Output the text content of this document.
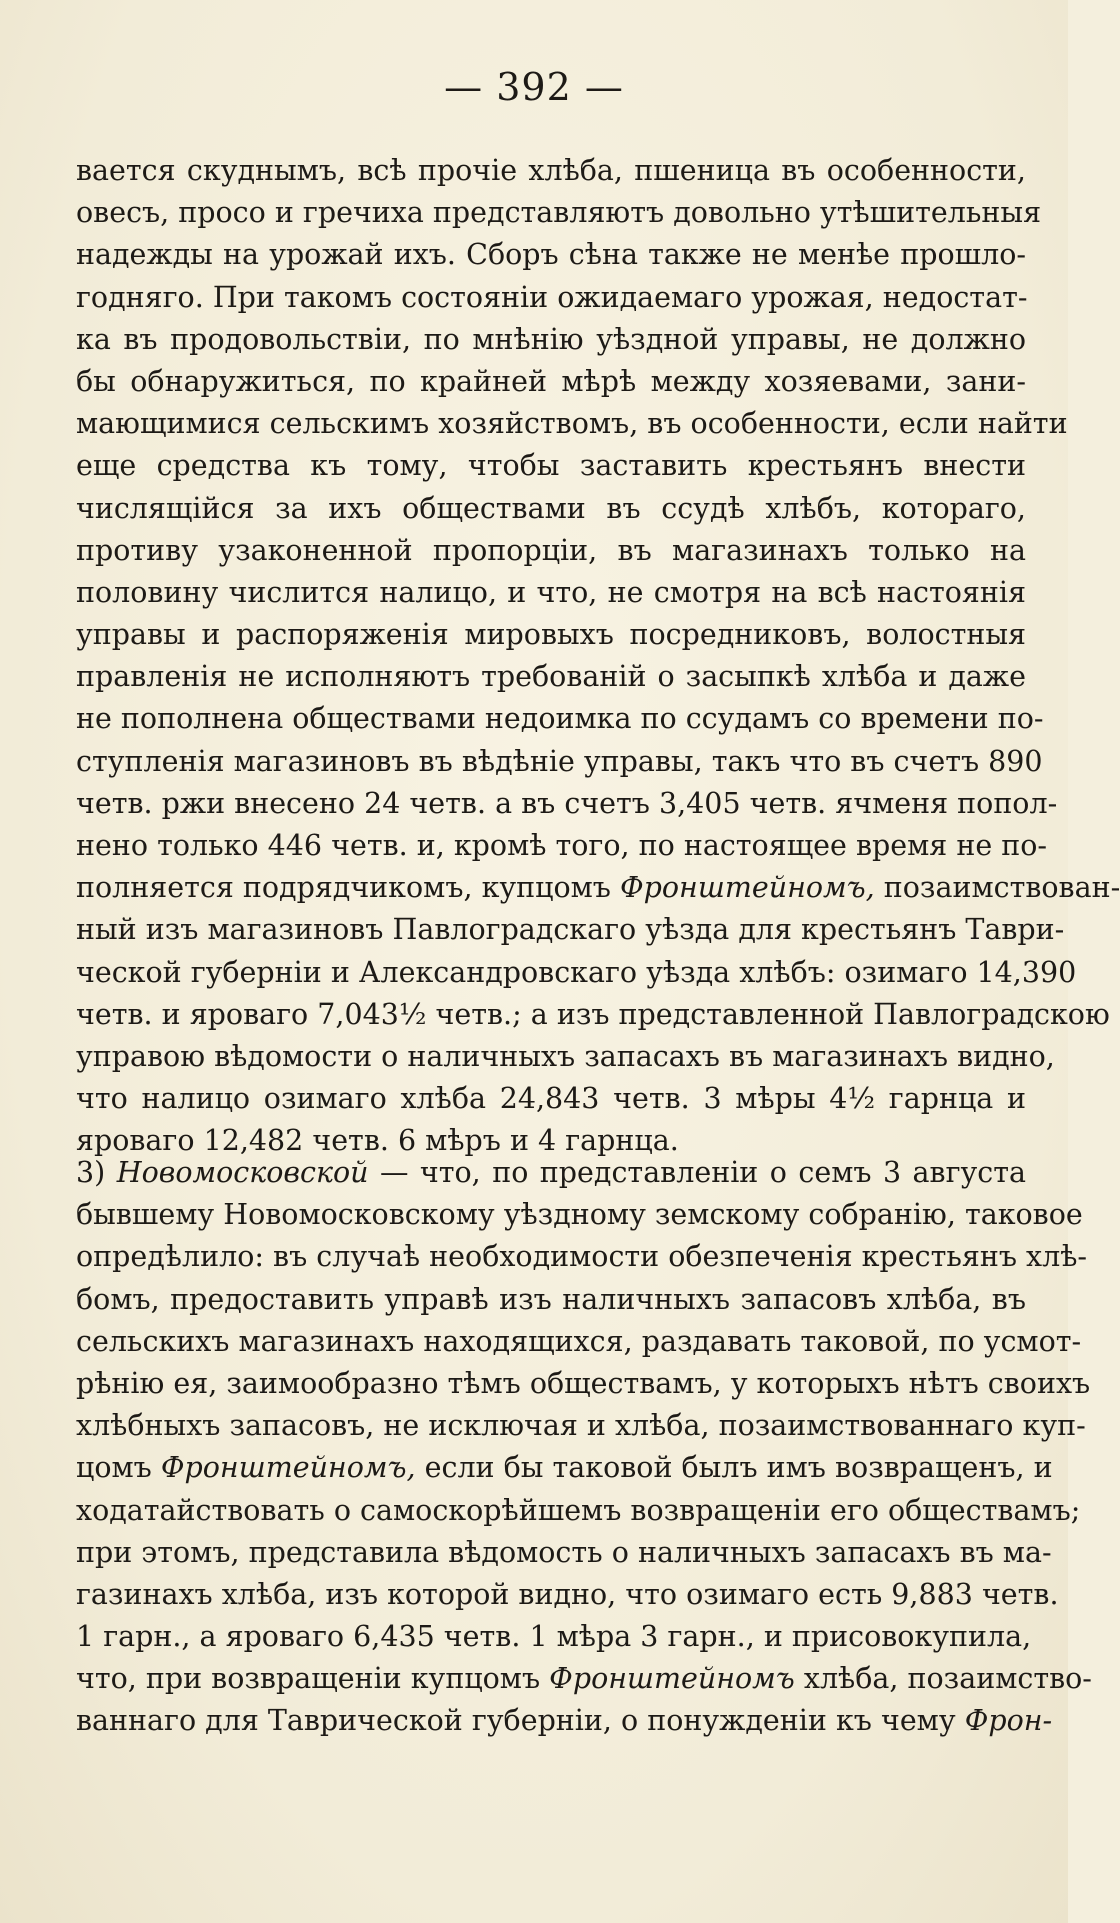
— 392 —
вается скуднымъ, всѣ прочіе хлѣба, пшеница въ особенности,
овесъ, просо и гречиха представляютъ довольно утѣшительныя
надежды на урожай ихъ. Сборъ сѣна также не менѣе прошло-
годняго. При такомъ состояніи ожидаемаго урожая, недостат-
ка въ продовольствіи, по мнѣнію уѣздной управы, не должно
бы обнаружиться, по крайней мѣрѣ между хозяевами, зани-
мающимися сельскимъ хозяйствомъ, въ особенности, если найти
еще средства къ тому, чтобы заставить крестьянъ внести
числящійся за ихъ обществами въ ссудѣ хлѣбъ, котораго,
противу узаконенной пропорціи, въ магазинахъ только на
половину числится налицо, и что, не смотря на всѣ настоянія
управы и распоряженія мировыхъ посредниковъ, волостныя
правленія не исполняютъ требованій о засыпкѣ хлѣба и даже
не пополнена обществами недоимка по ссудамъ со времени по-
ступленія магазиновъ въ вѣдѣніе управы, такъ что въ счетъ 890
четв. ржи внесено 24 четв. а въ счетъ 3,405 четв. ячменя попол-
нено только 446 четв. и, кромѣ того, по настоящее время не по-
полняется подрядчикомъ, купцомъ Фронштейномъ, позаимствован-
ный изъ магазиновъ Павлоградскаго уѣзда для крестьянъ Таври-
ческой губерніи и Александровскаго уѣзда хлѣбъ: озимаго 14,390
четв. и яроваго 7,043½ четв.; а изъ представленной Павлоградскою
управою вѣдомости о наличныхъ запасахъ въ магазинахъ видно,
что налицо озимаго хлѣба 24,843 четв. 3 мѣры 4½ гарнца и
яроваго 12,482 четв. 6 мѣръ и 4 гарнца.
3) Новомосковской — что, по представленіи о семъ 3 августа
бывшему Новомосковскому уѣздному земскому собранію, таковое
опредѣлило: въ случаѣ необходимости обезпеченія крестьянъ хлѣ-
бомъ, предоставить управѣ изъ наличныхъ запасовъ хлѣба, въ
сельскихъ магазинахъ находящихся, раздавать таковой, по усмот-
рѣнію ея, заимообразно тѣмъ обществамъ, у которыхъ нѣтъ своихъ
хлѣбныхъ запасовъ, не исключая и хлѣба, позаимствованнаго куп-
цомъ Фронштейномъ, если бы таковой былъ имъ возвращенъ, и
ходатайствовать о самоскорѣйшемъ возвращеніи его обществамъ;
при этомъ, представила вѣдомость о наличныхъ запасахъ въ ма-
газинахъ хлѣба, изъ которой видно, что озимаго есть 9,883 четв.
1 гарн., а яроваго 6,435 четв. 1 мѣра 3 гарн., и присовокупила,
что, при возвращеніи купцомъ Фронштейномъ хлѣба, позаимство-
ваннаго для Таврической губерніи, о понужденіи къ чему Фрон-
